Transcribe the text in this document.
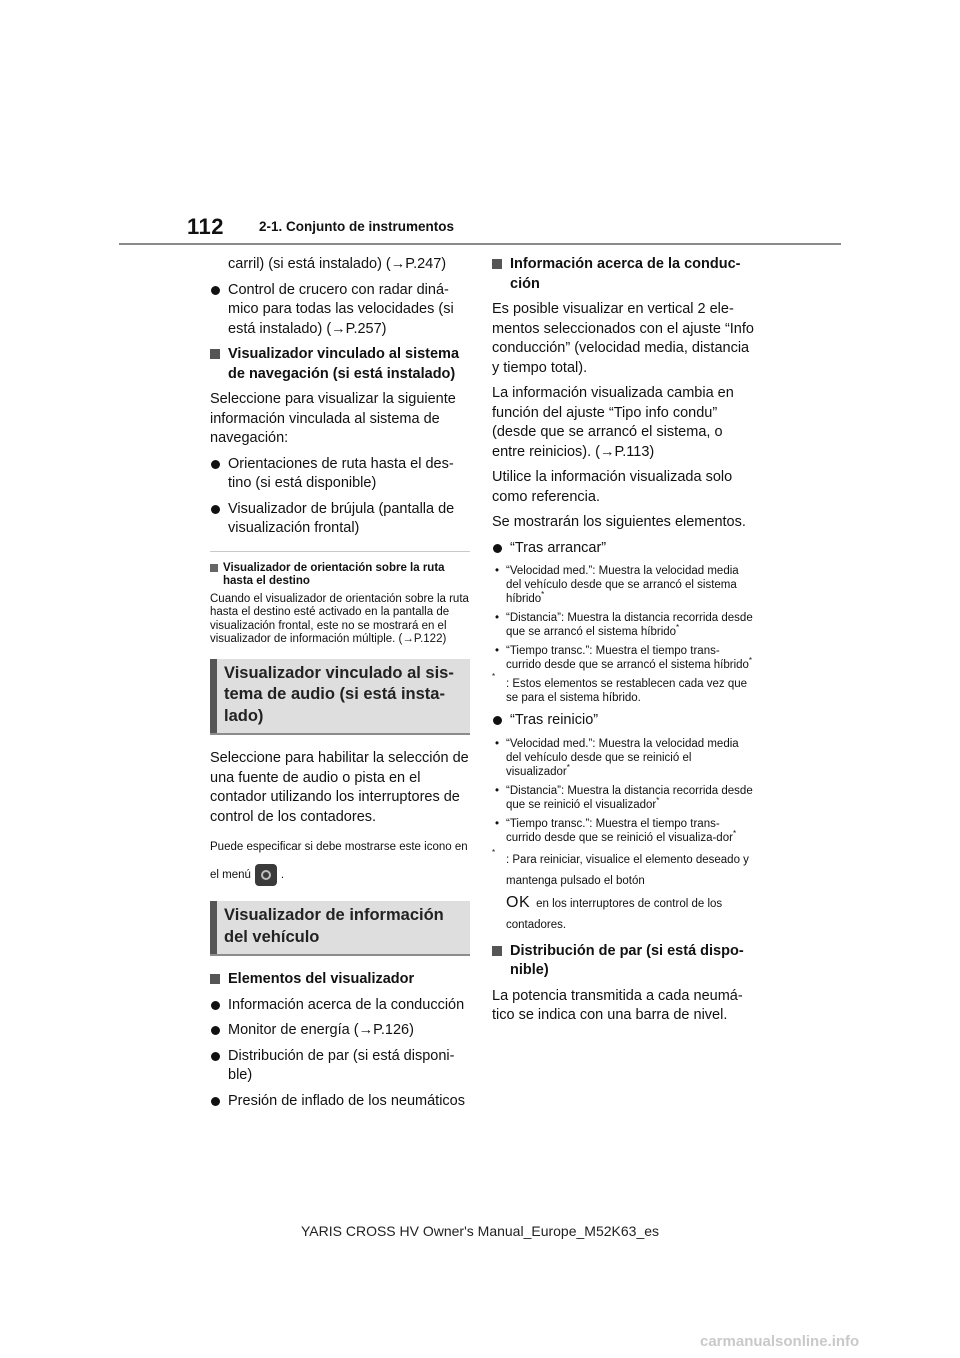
112	2-1. Conjunto de instrumentos

carril) (si está instalado) (→P.247)

Control de crucero con radar diná-mico para todas las velocidades (si está instalado) (→P.257)
Visualizador vinculado al sistema de navegación (si está instalado)

Seleccione para visualizar la siguiente información vinculada al sistema de navegación:

Orientaciones de ruta hasta el des-tino (si está disponible)
Visualizador de brújula (pantalla de visualización frontal)
Visualizador de orientación sobre la ruta hasta el destino

Cuando el visualizador de orientación sobre la ruta hasta el destino esté activado en la pantalla de visualización frontal, este no se mostrará en el visualizador de información múltiple. (→P.122)

Visualizador vinculado al sis-tema de audio (si está insta-lado)

Seleccione para habilitar la selección de una fuente de audio o pista en el contador utilizando los interruptores de control de los contadores.

Puede especificar si debe mostrarse este icono en el menú	.

Visualizador de información del vehículo
Elementos del visualizador
Información acerca de la conducción
Monitor de energía (→P.126)
Distribución de par (si está disponi-ble)
Presión de inflado de los neumáticos
Información acerca de la conduc-ción

Es posible visualizar en vertical 2 ele-mentos seleccionados con el ajuste “Info conducción” (velocidad media, distancia y tiempo total).

La información visualizada cambia en función del ajuste “Tipo info condu” (desde que se arrancó el sistema, o entre reinicios). (→P.113)

Utilice la información visualizada solo como referencia.

Se mostrarán los siguientes elementos.

“Tras arrancar”
• “Velocidad med.”: Muestra la velocidad media del vehículo desde que se arrancó el sistema híbrido*
• “Distancia”: Muestra la distancia recorrida desde que se arrancó el sistema híbrido*
• “Tiempo transc.”: Muestra el tiempo trans-currido desde que se arrancó el sistema híbrido*
*
: Estos elementos se restablecen cada vez que se para el sistema híbrido.
“Tras reinicio”
• “Velocidad med.”: Muestra la velocidad media del vehículo desde que se reinició el visualizador*
• “Distancia”: Muestra la distancia recorrida desde que se reinició el visualizador*
• “Tiempo transc.”: Muestra el tiempo trans-currido desde que se reinició el visualiza-dor*
*
: Para reiniciar, visualice el elemento deseado y mantenga pulsado el botón
OK en los interruptores de control de los contadores.
Distribución de par (si está dispo-nible)

La potencia transmitida a cada neumá-tico se indica con una barra de nivel.

YARIS CROSS HV Owner's Manual_Europe_M52K63_es
carmanualsonline.info
